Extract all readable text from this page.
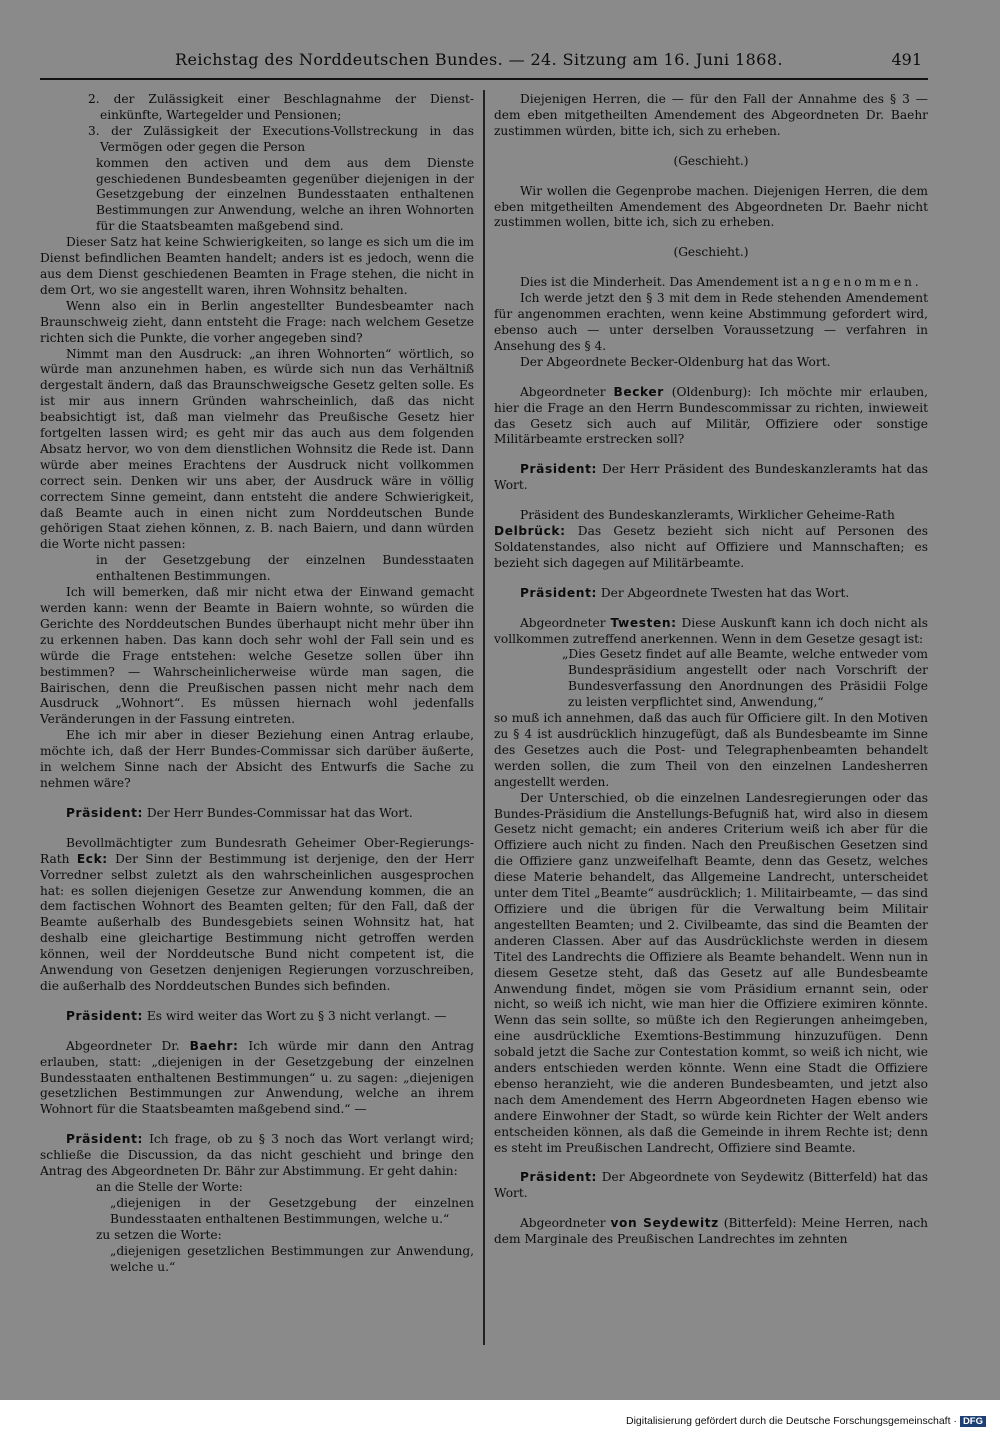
Reichstag des Norddeutschen Bundes. — 24. Sitzung am 16. Juni 1868.	491

2. der Zulässigkeit einer Beschlagnahme der Dienst-einkünfte, Wartegelder und Pensionen;

3. der Zulässigkeit der Executions-Vollstreckung in das Vermögen oder gegen die Person

kommen den activen und dem aus dem Dienste geschiedenen Bundesbeamten gegenüber diejenigen in der Gesetzgebung der einzelnen Bundesstaaten enthaltenen Bestimmungen zur Anwendung, welche an ihren Wohnorten für die Staatsbeamten maßgebend sind.

Dieser Satz hat keine Schwierigkeiten, so lange es sich um die im Dienst befindlichen Beamten handelt; anders ist es jedoch, wenn die aus dem Dienst geschiedenen Beamten in Frage stehen, die nicht in dem Ort, wo sie angestellt waren, ihren Wohnsitz behalten.

Wenn also ein in Berlin angestellter Bundesbeamter nach Braunschweig zieht, dann entsteht die Frage: nach welchem Gesetze richten sich die Punkte, die vorher angegeben sind?

Nimmt man den Ausdruck: „an ihren Wohnorten“ wörtlich, so würde man anzunehmen haben, es würde sich nun das Verhältniß dergestalt ändern, daß das Braunschweigsche Gesetz gelten solle. Es ist mir aus innern Gründen wahrscheinlich, daß das nicht beabsichtigt ist, daß man vielmehr das Preußische Gesetz hier fortgelten lassen wird; es geht mir das auch aus dem folgenden Absatz hervor, wo von dem dienstlichen Wohnsitz die Rede ist. Dann würde aber meines Erachtens der Ausdruck nicht vollkommen correct sein. Denken wir uns aber, der Ausdruck wäre in völlig correctem Sinne gemeint, dann entsteht die andere Schwierigkeit, daß Beamte auch in einen nicht zum Norddeutschen Bunde gehörigen Staat ziehen können, z. B. nach Baiern, und dann würden die Worte nicht passen:

in der Gesetzgebung der einzelnen Bundesstaaten enthaltenen Bestimmungen.

Ich will bemerken, daß mir nicht etwa der Einwand gemacht werden kann: wenn der Beamte in Baiern wohnte, so würden die Gerichte des Norddeutschen Bundes überhaupt nicht mehr über ihn zu erkennen haben. Das kann doch sehr wohl der Fall sein und es würde die Frage entstehen: welche Gesetze sollen über ihn bestimmen? — Wahrscheinlicherweise würde man sagen, die Bairischen, denn die Preußischen passen nicht mehr nach dem Ausdruck „Wohnort“. Es müssen hiernach wohl jedenfalls Veränderungen in der Fassung eintreten.

Ehe ich mir aber in dieser Beziehung einen Antrag erlaube, möchte ich, daß der Herr Bundes-Commissar sich darüber äußerte, in welchem Sinne nach der Absicht des Entwurfs die Sache zu nehmen wäre?

Präsident: Der Herr Bundes-Commissar hat das Wort.

Bevollmächtigter zum Bundesrath Geheimer Ober-Regierungs-Rath Eck: Der Sinn der Bestimmung ist derjenige, den der Herr Vorredner selbst zuletzt als den wahrscheinlichen ausgesprochen hat: es sollen diejenigen Gesetze zur Anwendung kommen, die an dem factischen Wohnort des Beamten gelten; für den Fall, daß der Beamte außerhalb des Bundesgebiets seinen Wohnsitz hat, hat deshalb eine gleichartige Bestimmung nicht getroffen werden können, weil der Norddeutsche Bund nicht competent ist, die Anwendung von Gesetzen denjenigen Regierungen vorzuschreiben, die außerhalb des Norddeutschen Bundes sich befinden.

Präsident: Es wird weiter das Wort zu § 3 nicht verlangt. —

Abgeordneter Dr. Baehr: Ich würde mir dann den Antrag erlauben, statt: „diejenigen in der Gesetzgebung der einzelnen Bundesstaaten enthaltenen Bestimmungen“ u. zu sagen: „diejenigen gesetzlichen Bestimmungen zur Anwendung, welche an ihrem Wohnort für die Staatsbeamten maßgebend sind.“ —

Präsident: Ich frage, ob zu § 3 noch das Wort verlangt wird; schließe die Discussion, da das nicht geschieht und bringe den Antrag des Abgeordneten Dr. Bähr zur Abstimmung. Er geht dahin:

an die Stelle der Worte:

„diejenigen in der Gesetzgebung der einzelnen Bundesstaaten enthaltenen Bestimmungen, welche u.“

zu setzen die Worte:

„diejenigen gesetzlichen Bestimmungen zur Anwendung, welche u.“

Diejenigen Herren, die — für den Fall der Annahme des § 3 — dem eben mitgetheilten Amendement des Abgeordneten Dr. Baehr zustimmen würden, bitte ich, sich zu erheben.

(Geschieht.)

Wir wollen die Gegenprobe machen. Diejenigen Herren, die dem eben mitgetheilten Amendement des Abgeordneten Dr. Baehr nicht zustimmen wollen, bitte ich, sich zu erheben.

(Geschieht.)

Dies ist die Minderheit. Das Amendement ist angenommen.

Ich werde jetzt den § 3 mit dem in Rede stehenden Amendement für angenommen erachten, wenn keine Abstimmung gefordert wird, ebenso auch — unter derselben Voraussetzung — verfahren in Ansehung des § 4.

Der Abgeordnete Becker-Oldenburg hat das Wort.

Abgeordneter Becker (Oldenburg): Ich möchte mir erlauben, hier die Frage an den Herrn Bundescommissar zu richten, inwieweit das Gesetz sich auch auf Militär, Offiziere oder sonstige Militärbeamte erstrecken soll?

Präsident: Der Herr Präsident des Bundeskanzleramts hat das Wort.

Präsident des Bundeskanzleramts, Wirklicher Geheime-Rath

Delbrück: Das Gesetz bezieht sich nicht auf Personen des Soldatenstandes, also nicht auf Offiziere und Mannschaften; es bezieht sich dagegen auf Militärbeamte.

Präsident: Der Abgeordnete Twesten hat das Wort.

Abgeordneter Twesten: Diese Auskunft kann ich doch nicht als vollkommen zutreffend anerkennen. Wenn in dem Gesetze gesagt ist:

„Dies Gesetz findet auf alle Beamte, welche entweder vom Bundespräsidium angestellt oder nach Vorschrift der Bundesverfassung den Anordnungen des Präsidii Folge zu leisten verpflichtet sind, Anwendung,“

so muß ich annehmen, daß das auch für Officiere gilt. In den Motiven zu § 4 ist ausdrücklich hinzugefügt, daß als Bundesbeamte im Sinne des Gesetzes auch die Post- und Telegraphenbeamten behandelt werden sollen, die zum Theil von den einzelnen Landesherren angestellt werden.

Der Unterschied, ob die einzelnen Landesregierungen oder das Bundes-Präsidium die Anstellungs-Befugniß hat, wird also in diesem Gesetz nicht gemacht; ein anderes Criterium weiß ich aber für die Offiziere auch nicht zu finden. Nach den Preußischen Gesetzen sind die Offiziere ganz unzweifelhaft Beamte, denn das Gesetz, welches diese Materie behandelt, das Allgemeine Landrecht, unterscheidet unter dem Titel „Beamte“ ausdrücklich; 1. Militairbeamte, — das sind Offiziere und die übrigen für die Verwaltung beim Militair angestellten Beamten; und 2. Civilbeamte, das sind die Beamten der anderen Classen. Aber auf das Ausdrücklichste werden in diesem Titel des Landrechts die Offiziere als Beamte behandelt. Wenn nun in diesem Gesetze steht, daß das Gesetz auf alle Bundesbeamte Anwendung findet, mögen sie vom Präsidium ernannt sein, oder nicht, so weiß ich nicht, wie man hier die Offiziere eximiren könnte. Wenn das sein sollte, so müßte ich den Regierungen anheimgeben, eine ausdrückliche Exemtions-Bestimmung hinzuzufügen. Denn sobald jetzt die Sache zur Contestation kommt, so weiß ich nicht, wie anders entschieden werden könnte. Wenn eine Stadt die Offiziere ebenso heranzieht, wie die anderen Bundesbeamten, und jetzt also nach dem Amendement des Herrn Abgeordneten Hagen ebenso wie andere Einwohner der Stadt, so würde kein Richter der Welt anders entscheiden können, als daß die Gemeinde in ihrem Rechte ist; denn es steht im Preußischen Landrecht, Offiziere sind Beamte.

Präsident: Der Abgeordnete von Seydewitz (Bitterfeld) hat das Wort.

Abgeordneter von Seydewitz (Bitterfeld): Meine Herren, nach dem Marginale des Preußischen Landrechtes im zehnten

Digitalisierung gefördert durch die Deutsche Forschungsgemeinschaft · DFG
